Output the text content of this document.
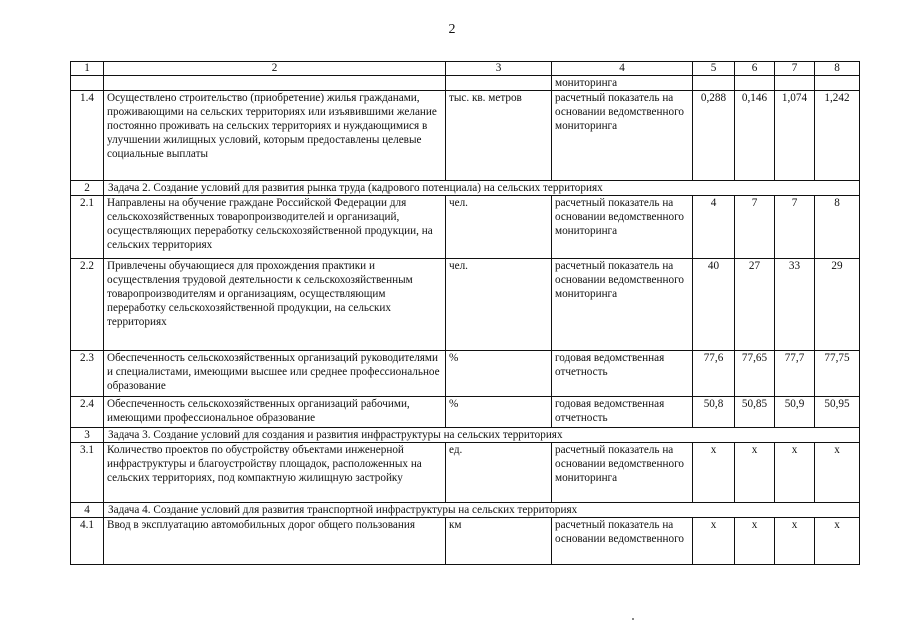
2
1	2	3	4	5	6	7	8
			мониторинга				
1.4	Осуществлено строительство (приобретение) жилья гражданами, проживающими на сельских территориях или изъявившими желание постоянно проживать на сельских территориях и нуждающимися в улучшении жилищных условий, которым предоставлены целевые социальные выплаты	тыс. кв. метров	расчетный показатель на основании ведомственного мониторинга	0,288	0,146	1,074	1,242
2	Задача 2. Создание условий для развития рынка труда (кадрового потенциала) на сельских территориях						
2.1	Направлены на обучение граждане Российской Федерации для сельскохозяйственных товаропроизводителей и организаций, осуществляющих переработку сельскохозяйственной продукции, на сельских территориях	чел.	расчетный показатель на основании ведомственного мониторинга	4	7	7	8
2.2	Привлечены обучающиеся для прохождения практики и осуществления трудовой деятельности к сельскохозяйственным товаропроизводителям и организациям, осуществляющим переработку сельскохозяйственной продукции, на сельских территориях	чел.	расчетный показатель на основании ведомственного мониторинга	40	27	33	29
2.3	Обеспеченность сельскохозяйственных организаций руководителями и специалистами, имеющими высшее или среднее профессиональное образование	%	годовая ведомственная отчетность	77,6	77,65	77,7	77,75
2.4	Обеспеченность сельскохозяйственных организаций рабочими, имеющими профессиональное образование	%	годовая ведомственная отчетность	50,8	50,85	50,9	50,95
3	Задача 3. Создание условий для создания и развития инфраструктуры на сельских территориях						
3.1	Количество проектов по обустройству объектами инженерной инфраструктуры и благоустройству площадок, расположенных на сельских территориях, под компактную жилищную застройку	ед.	расчетный показатель на основании ведомственного мониторинга	x	x	x	x
4	Задача 4. Создание условий для развития транспортной инфраструктуры на сельских территориях						
4.1	Ввод в эксплуатацию автомобильных дорог общего пользования	км	расчетный показатель на основании ведомственного	x	x	x	x
